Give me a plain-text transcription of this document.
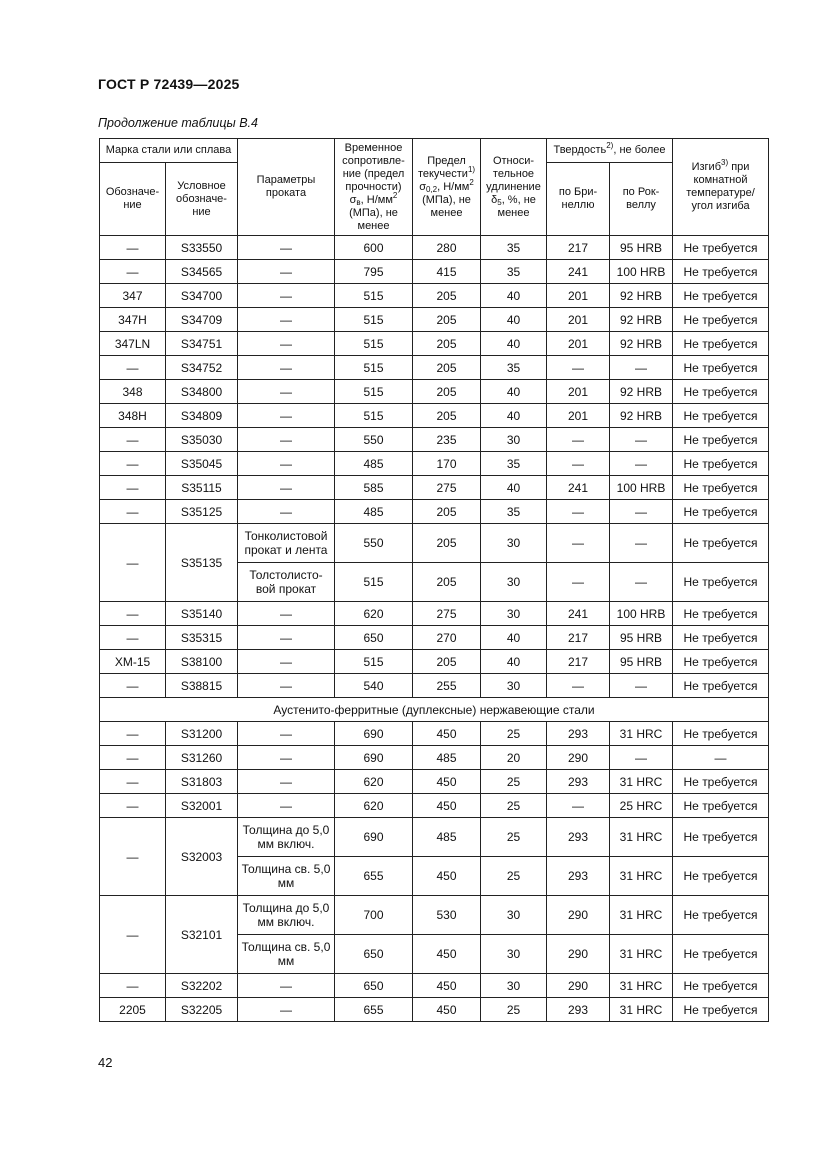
ГОСТ Р 72439—2025
Продолжение таблицы В.4
Марка стали или сплава		Параметры проката	Временное сопротивле-ние (предел прочности) $\sigma_в$, $Н/мм^2$ (МПа), не менее	Предел текучести$^{1)}$ $\sigma_{0,2}$, $Н/мм^2$ (МПа), не менее	Относи-тельное удлинение $\delta_5$, %, не менее	Твердость$^{2)}$, не более		Изгиб$^{3)}$ при комнатной температуре/ угол изгиба
Обозначе-ние	Условное обозначе-ние					по Бри-неллю	по Рок-веллу	
—	S33550	—	600	280	35	217	95 HRB	Не требуется
—	S34565	—	795	415	35	241	100 HRB	Не требуется
347	S34700	—	515	205	40	201	92 HRB	Не требуется
347H	S34709	—	515	205	40	201	92 HRB	Не требуется
347LN	S34751	—	515	205	40	201	92 HRB	Не требуется
—	S34752	—	515	205	35	—	—	Не требуется
348	S34800	—	515	205	40	201	92 HRB	Не требуется
348H	S34809	—	515	205	40	201	92 HRB	Не требуется
—	S35030	—	550	235	30	—	—	Не требуется
—	S35045	—	485	170	35	—	—	Не требуется
—	S35115	—	585	275	40	241	100 HRB	Не требуется
—	S35125	—	485	205	35	—	—	Не требуется
—	S35135	Тонколистовой прокат и лента	550	205	30	—	—	Не требуется
		Толстолисто-вой прокат	515	205	30	—	—	Не требуется
—	S35140	—	620	275	30	241	100 HRB	Не требуется
—	S35315	—	650	270	40	217	95 HRB	Не требуется
XM-15	S38100	—	515	205	40	217	95 HRB	Не требуется
—	S38815	—	540	255	30	—	—	Не требуется
Аустенито-ферритные (дуплексные) нержавеющие стали								
—	S31200	—	690	450	25	293	31 HRC	Не требуется
—	S31260	—	690	485	20	290	—	—
—	S31803	—	620	450	25	293	31 HRC	Не требуется
—	S32001	—	620	450	25	—	25 HRC	Не требуется
—	S32003	Толщина до 5,0 мм включ.	690	485	25	293	31 HRC	Не требуется
		Толщина св. 5,0 мм	655	450	25	293	31 HRC	Не требуется
—	S32101	Толщина до 5,0 мм включ.	700	530	30	290	31 HRC	Не требуется
		Толщина св. 5,0 мм	650	450	30	290	31 HRC	Не требуется
—	S32202	—	650	450	30	290	31 HRC	Не требуется
2205	S32205	—	655	450	25	293	31 HRC	Не требуется
42
